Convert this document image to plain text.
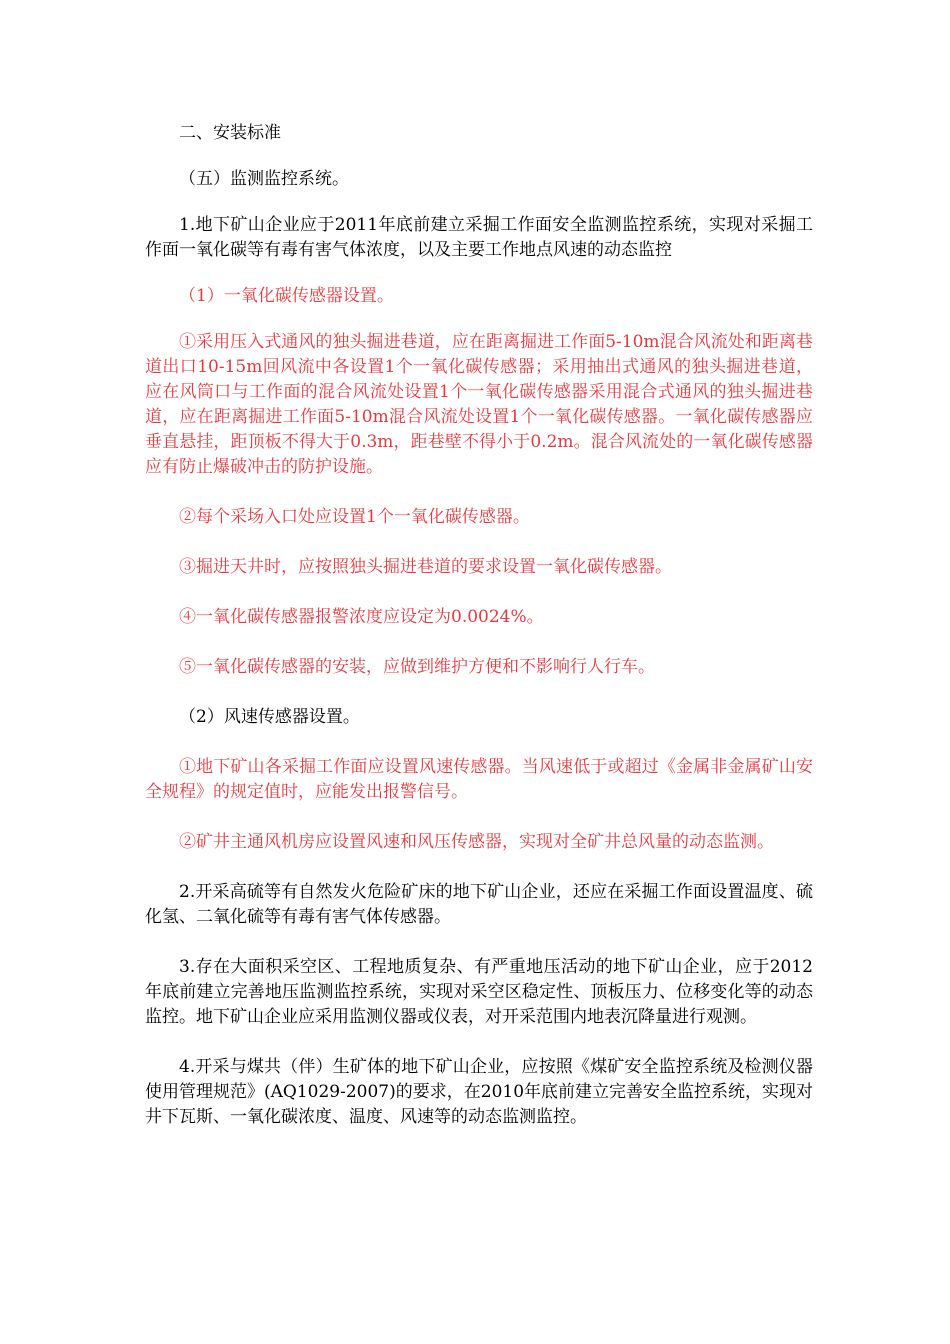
二、安装标准

（五）监测监控系统。

1.地下矿山企业应于2011年底前建立采掘工作面安全监测监控系统，实现对采掘工作面一氧化碳等有毒有害气体浓度，以及主要工作地点风速的动态监控

（1）一氧化碳传感器设置。

①采用压入式通风的独头掘进巷道，应在距离掘进工作面5-10m混合风流处和距离巷道出口10-15m回风流中各设置1个一氧化碳传感器；采用抽出式通风的独头掘进巷道，应在风筒口与工作面的混合风流处设置1个一氧化碳传感器采用混合式通风的独头掘进巷道，应在距离掘进工作面5-10m混合风流处设置1个一氧化碳传感器。一氧化碳传感器应垂直悬挂，距顶板不得大于0.3m，距巷壁不得小于0.2m。混合风流处的一氧化碳传感器应有防止爆破冲击的防护设施。

②每个采场入口处应设置1个一氧化碳传感器。

③掘进天井时，应按照独头掘进巷道的要求设置一氧化碳传感器。

④一氧化碳传感器报警浓度应设定为0.0024%。

⑤一氧化碳传感器的安装，应做到维护方便和不影响行人行车。

（2）风速传感器设置。

①地下矿山各采掘工作面应设置风速传感器。当风速低于或超过《金属非金属矿山安全规程》的规定值时，应能发出报警信号。

②矿井主通风机房应设置风速和风压传感器，实现对全矿井总风量的动态监测。

2.开采高硫等有自然发火危险矿床的地下矿山企业，还应在采掘工作面设置温度、硫化氢、二氧化硫等有毒有害气体传感器。

3.存在大面积采空区、工程地质复杂、有严重地压活动的地下矿山企业，应于2012年底前建立完善地压监测监控系统，实现对采空区稳定性、顶板压力、位移变化等的动态监控。地下矿山企业应采用监测仪器或仪表，对开采范围内地表沉降量进行观测。

4.开采与煤共（伴）生矿体的地下矿山企业，应按照《煤矿安全监控系统及检测仪器使用管理规范》(AQ1029-2007)的要求，在2010年底前建立完善安全监控系统，实现对井下瓦斯、一氧化碳浓度、温度、风速等的动态监测监控。
